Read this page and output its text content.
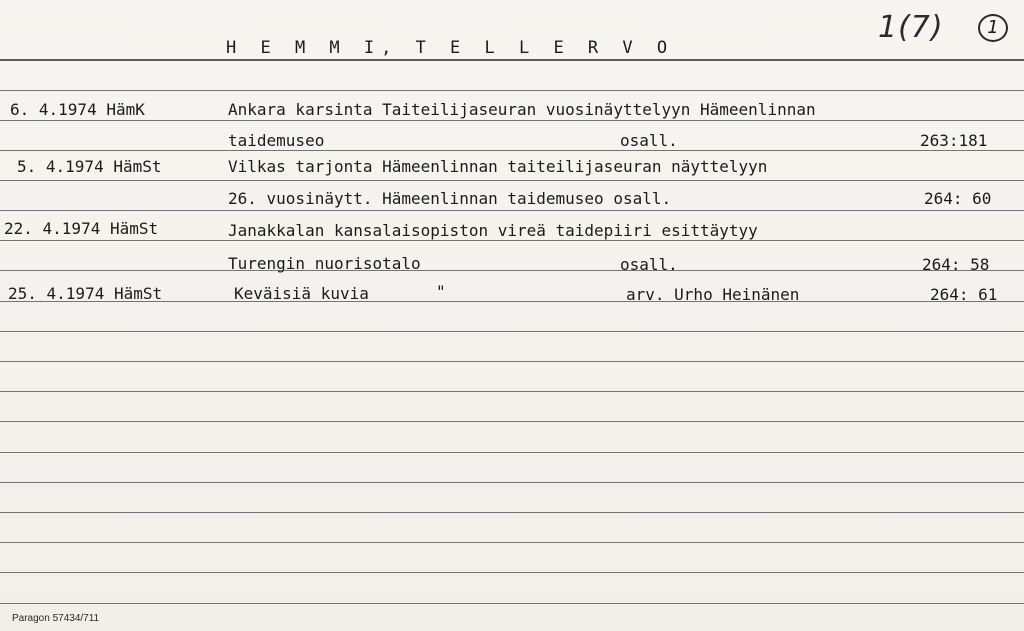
H E M M I, T E L L E R V O
1(7)	1
6. 4.1974 HämK	Ankara karsinta Taiteilijaseuran vuosinäyttelyyn Hämeenlinnan
taidemuseo	osall.	263:181
5. 4.1974 HämSt	Vilkas tarjonta Hämeenlinnan taiteilijaseuran näyttelyyn
26. vuosinäytt. Hämeenlinnan taidemuseo osall.	264: 60
22. 4.1974 HämSt	Janakkalan kansalaisopiston vireä taidepiiri esittäytyy
Turengin nuorisotalo	osall.	264: 58
25. 4.1974 HämSt	Keväisiä kuvia	"	arv. Urho Heinänen	264: 61
Paragon 57434/711
